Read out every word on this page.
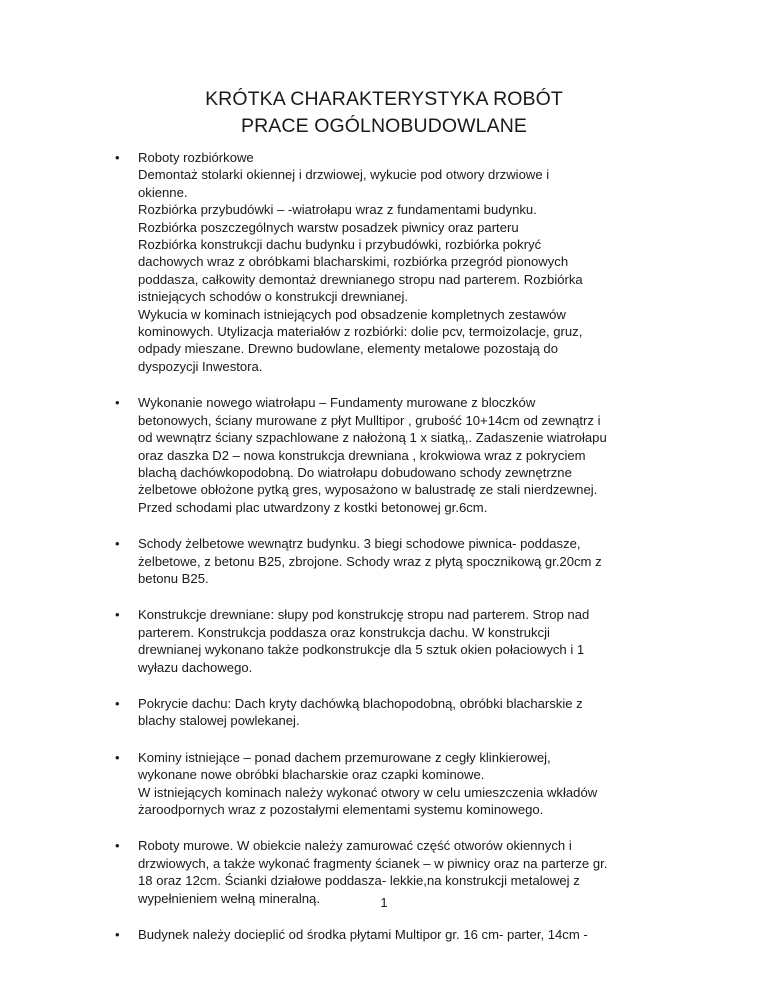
KRÓTKA CHARAKTERYSTYKA ROBÓT
PRACE OGÓLNOBUDOWLANE
• Roboty rozbiórkowe
Demontaż stolarki okiennej i drzwiowej, wykucie pod otwory drzwiowe i
okienne.
Rozbiórka przybudówki – -wiatrołapu wraz z fundamentami budynku.
Rozbiórka poszczególnych warstw posadzek piwnicy oraz parteru
Rozbiórka konstrukcji dachu budynku i przybudówki, rozbiórka pokryć
dachowych wraz z obróbkami blacharskimi, rozbiórka przegród pionowych
poddasza, całkowity demontaż drewnianego stropu nad parterem. Rozbiórka
istniejących schodów o konstrukcji drewnianej.
Wykucia w kominach istniejących pod obsadzenie kompletnych zestawów
kominowych. Utylizacja materiałów z rozbiórki: dolie pcv, termoizolacje, gruz,
odpady mieszane. Drewno budowlane, elementy metalowe pozostają do
dyspozycji Inwestora.
• Wykonanie nowego wiatrołapu – Fundamenty murowane z bloczków
betonowych, ściany murowane z płyt Mulltipor , grubość 10+14cm od zewnątrz i
od wewnątrz ściany szpachlowane z nałożoną 1 x siatką,. Zadaszenie wiatrołapu
oraz daszka D2 – nowa konstrukcja drewniana , krokwiowa wraz z pokryciem
blachą dachówkopodobną. Do wiatrołapu dobudowano schody zewnętrzne
żelbetowe obłożone pytką gres, wyposażono w balustradę ze stali nierdzewnej.
Przed schodami plac utwardzony z kostki betonowej gr.6cm.
• Schody żelbetowe wewnątrz budynku. 3 biegi schodowe piwnica- poddasze,
żelbetowe, z betonu B25, zbrojone. Schody wraz z płytą spocznikową gr.20cm z
betonu B25.
• Konstrukcje drewniane: słupy pod konstrukcję stropu nad parterem. Strop nad
parterem. Konstrukcja poddasza oraz konstrukcja dachu. W konstrukcji
drewnianej wykonano także podkonstrukcje dla 5 sztuk okien połaciowych i 1
wyłazu dachowego.
• Pokrycie dachu: Dach kryty dachówką blachopodobną, obróbki blacharskie z
blachy stalowej powlekanej.
• Kominy istniejące – ponad dachem przemurowane z cegły klinkierowej,
wykonane nowe obróbki blacharskie oraz czapki kominowe.
W istniejących kominach należy wykonać otwory w celu umieszczenia wkładów
żaroodpornych wraz z pozostałymi elementami systemu kominowego.
• Roboty murowe. W obiekcie należy zamurować część otworów okiennych i
drzwiowych, a także wykonać fragmenty ścianek – w piwnicy oraz na parterze gr.
18 oraz 12cm. Ścianki działowe poddasza- lekkie,na konstrukcji metalowej z
wypełnieniem wełną mineralną.
• Budynek należy docieplić od środka płytami Multipor gr. 16 cm- parter, 14cm -
1
